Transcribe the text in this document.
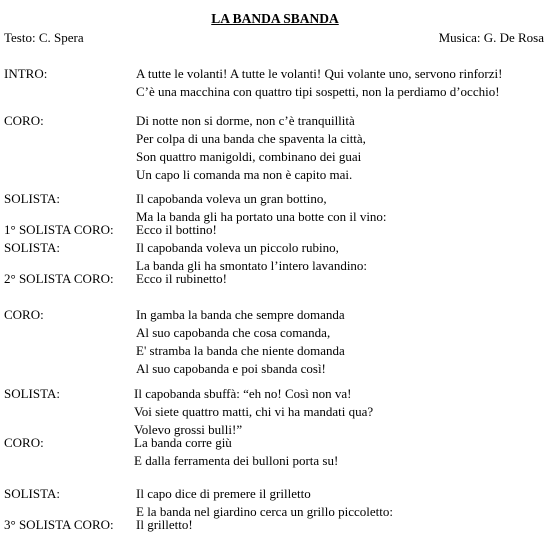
LA BANDA SBANDA
Testo: C. Spera	Musica: G. De Rosa
INTRO:	A tutte le volanti! A tutte le volanti! Qui volante uno, servono rinforzi!
C’è una macchina con quattro tipi sospetti, non la perdiamo d’occhio!
CORO:	Di notte non si dorme, non c’è tranquillità
Per colpa di una banda che spaventa la città,
Son quattro manigoldi, combinano dei guai
Un capo li comanda ma non è capito mai.
SOLISTA:	Il capobanda voleva un gran bottino,
Ma la banda gli ha portato una botte con il vino:
1° SOLISTA CORO: Ecco il bottino!
SOLISTA:	Il capobanda voleva un piccolo rubino,
La banda gli ha smontato l’intero lavandino:
2° SOLISTA CORO: Ecco il rubinetto!
CORO:	In gamba la banda che sempre domanda
Al suo capobanda che cosa comanda,
E' stramba la banda che niente domanda
Al suo capobanda e poi sbanda così!
SOLISTA:	Il capobanda sbuffà: “eh no! Così non va!
Voi siete quattro matti, chi vi ha mandati qua?
Volevo grossi bulli!”
CORO:	La banda corre giù
E dalla ferramenta dei bulloni porta su!
SOLISTA:	Il capo dice di premere il grilletto
E la banda nel giardino cerca un grillo piccoletto:
3° SOLISTA CORO: Il grilletto!
